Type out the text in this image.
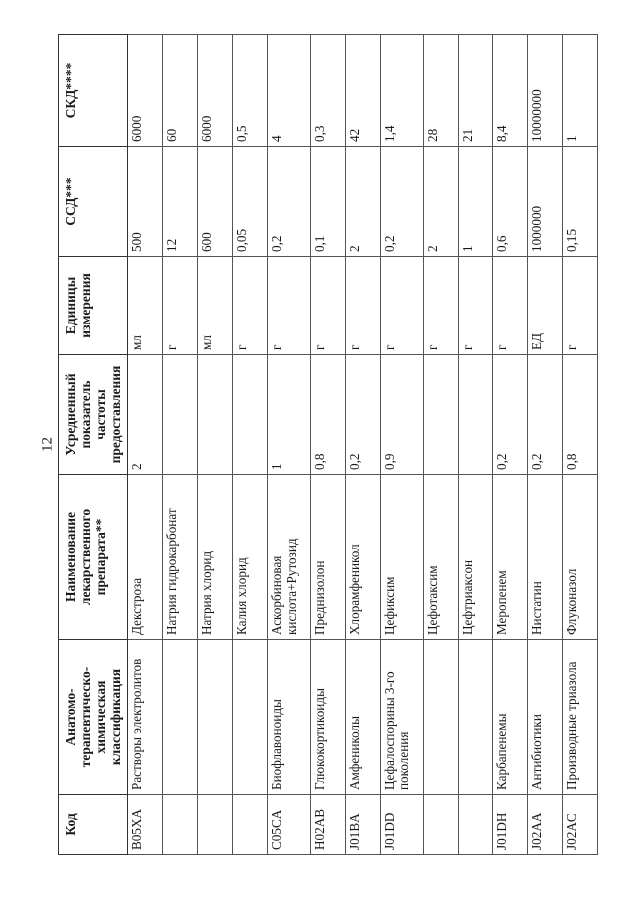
12
Код	Анатомо-терапевтическо-химическая классификация	Наименование лекарственного препарата**	Усредненный показатель частоты предоставления	Единицы измерения	ССД***	СКД****
B05XA	Растворы электролитов	Декстроза	2	мл	500	6000
		Натрия гидрокарбонат		г	12	60
		Натрия хлорид		мл	600	6000
		Калия хлорид		г	0,05	0,5
C05CA	Биофлавоноиды	Аскорбиновая кислота+Рутозид	1	г	0,2	4
H02AB	Глюкокортикоиды	Преднизолон	0,8	г	0,1	0,3
J01BA	Амфениколы	Хлорамфеникол	0,2	г	2	42
J01DD	Цефалоспорины 3-го поколения	Цефиксим	0,9	г	0,2	1,4
		Цефотаксим		г	2	28
		Цефтриаксон		г	1	21
J01DH	Карбапенемы	Меропенем	0,2	г	0,6	8,4
J02AA	Антибиотики	Нистатин	0,2	ЕД	1000000	10000000
J02AC	Производные триазола	Флуконазол	0,8	г	0,15	1
